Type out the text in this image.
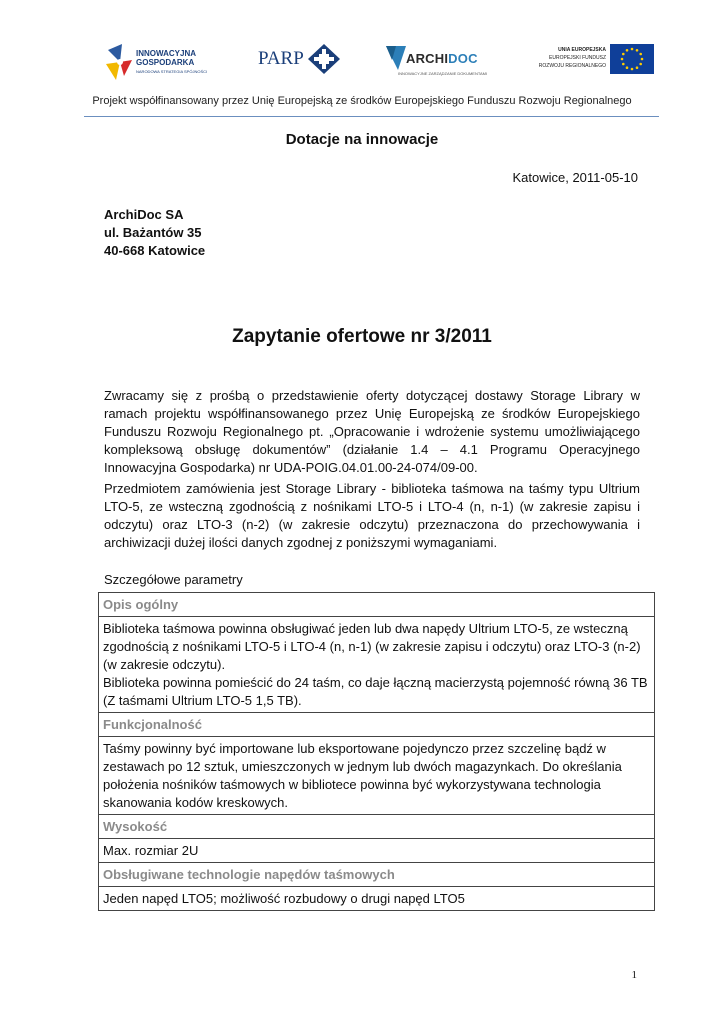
INNOWACYJNA
GOSPODARKA
NARODOWA STRATEGIA SPÓJNOŚCI
PARP	ARCHIDOC
INNOWACYJNE ZARZĄDZANIE DOKUMENTAMI
UNIA EUROPEJSKA
EUROPEJSKI FUNDUSZ
ROZWOJU REGIONALNEGO
Projekt współfinansowany przez Unię Europejską ze środków Europejskiego Funduszu Rozwoju Regionalnego
Dotacje na innowacje
Katowice, 2011-05-10
ArchiDoc SA
ul. Bażantów 35
40-668 Katowice
Zapytanie ofertowe nr 3/2011
Zwracamy się z prośbą o przedstawienie oferty dotyczącej dostawy Storage Library w ramach projektu współfinansowanego przez Unię Europejską ze środków Europejskiego Funduszu Rozwoju Regionalnego pt. „Opracowanie i wdrożenie systemu umożliwiającego kompleksową obsługę dokumentów” (działanie 1.4 – 4.1 Programu Operacyjnego Innowacyjna Gospodarka) nr UDA-POIG.04.01.00-24-074/09-00.
Przedmiotem zamówienia jest Storage Library - biblioteka taśmowa na taśmy typu Ultrium LTO-5, ze wsteczną zgodnością z nośnikami LTO-5 i LTO-4 (n, n-1) (w zakresie zapisu i odczytu) oraz LTO-3 (n-2) (w zakresie odczytu) przeznaczona do przechowywania i archiwizacji dużej ilości danych zgodnej z poniższymi wymaganiami.
Szczegółowe parametry
Opis ogólny

Biblioteka taśmowa powinna obsługiwać jeden lub dwa napędy Ultrium LTO-5, ze wsteczną zgodnością z nośnikami LTO-5 i LTO-4 (n, n-1) (w zakresie zapisu i odczytu) oraz LTO-3 (n-2) (w zakresie odczytu).
Biblioteka powinna pomieścić do 24 taśm, co daje łączną macierzystą pojemność równą 36 TB (Z taśmami Ultrium LTO-5 1,5 TB).

Funkcjonalność
Taśmy powinny być importowane lub eksportowane pojedynczo przez szczelinę bądź w zestawach po 12 sztuk, umieszczonych w jednym lub dwóch magazynkach. Do określania położenia nośników taśmowych w bibliotece powinna być wykorzystywana technologia skanowania kodów kreskowych.
Wysokość
Max. rozmiar 2U
Obsługiwane technologie napędów taśmowych
Jeden napęd LTO5; możliwość rozbudowy o drugi napęd LTO5
1
